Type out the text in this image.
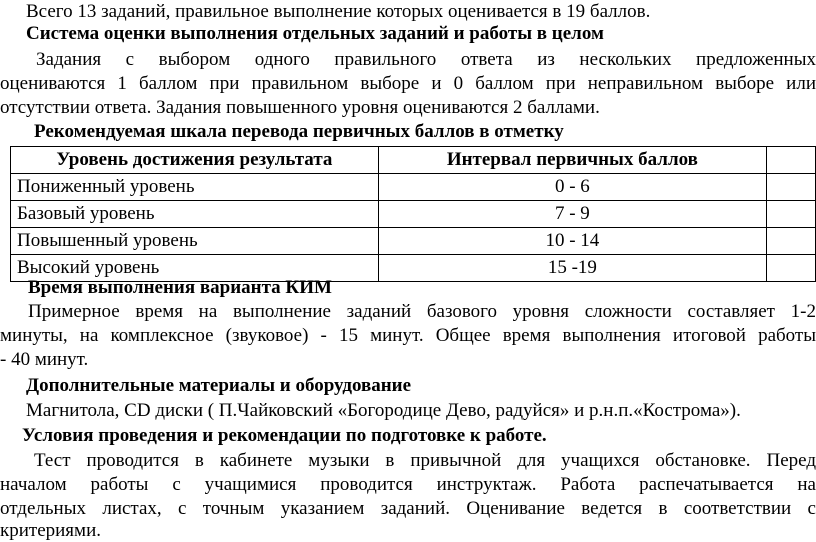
Всего 13 заданий, правильное выполнение которых оценивается в 19 баллов.
Система оценки выполнения отдельных заданий и работы в целом
Задания с выбором одного правильного ответа из нескольких предложенных
оцениваются 1 баллом при правильном выборе и 0 баллом при неправильном выборе или
отсутствии ответа. Задания повышенного уровня оцениваются 2 баллами.
Рекомендуемая шкала перевода первичных баллов в отметку
Уровень достижения результата	Интервал первичных баллов	
Пониженный уровень	0 - 6	
Базовый уровень	7 - 9	
Повышенный уровень	10 - 14	
Высокий уровень	15 -19	
Время выполнения варианта КИМ
Примерное время на выполнение заданий базового уровня сложности составляет 1-2
минуты, на комплексное (звуковое) - 15 минут. Общее время выполнения итоговой работы
- 40 минут.
Дополнительные материалы и оборудование
Магнитола, CD диски ( П.Чайковский «Богородице Дево, радуйся» и р.н.п.«Кострома»).
Условия проведения и рекомендации по подготовке к работе.
Тест проводится в кабинете музыки в привычной для учащихся обстановке. Перед
началом работы с учащимися проводится инструктаж. Работа распечатывается на
отдельных листах, с точным указанием заданий. Оценивание ведется в соответствии с
критериями.
